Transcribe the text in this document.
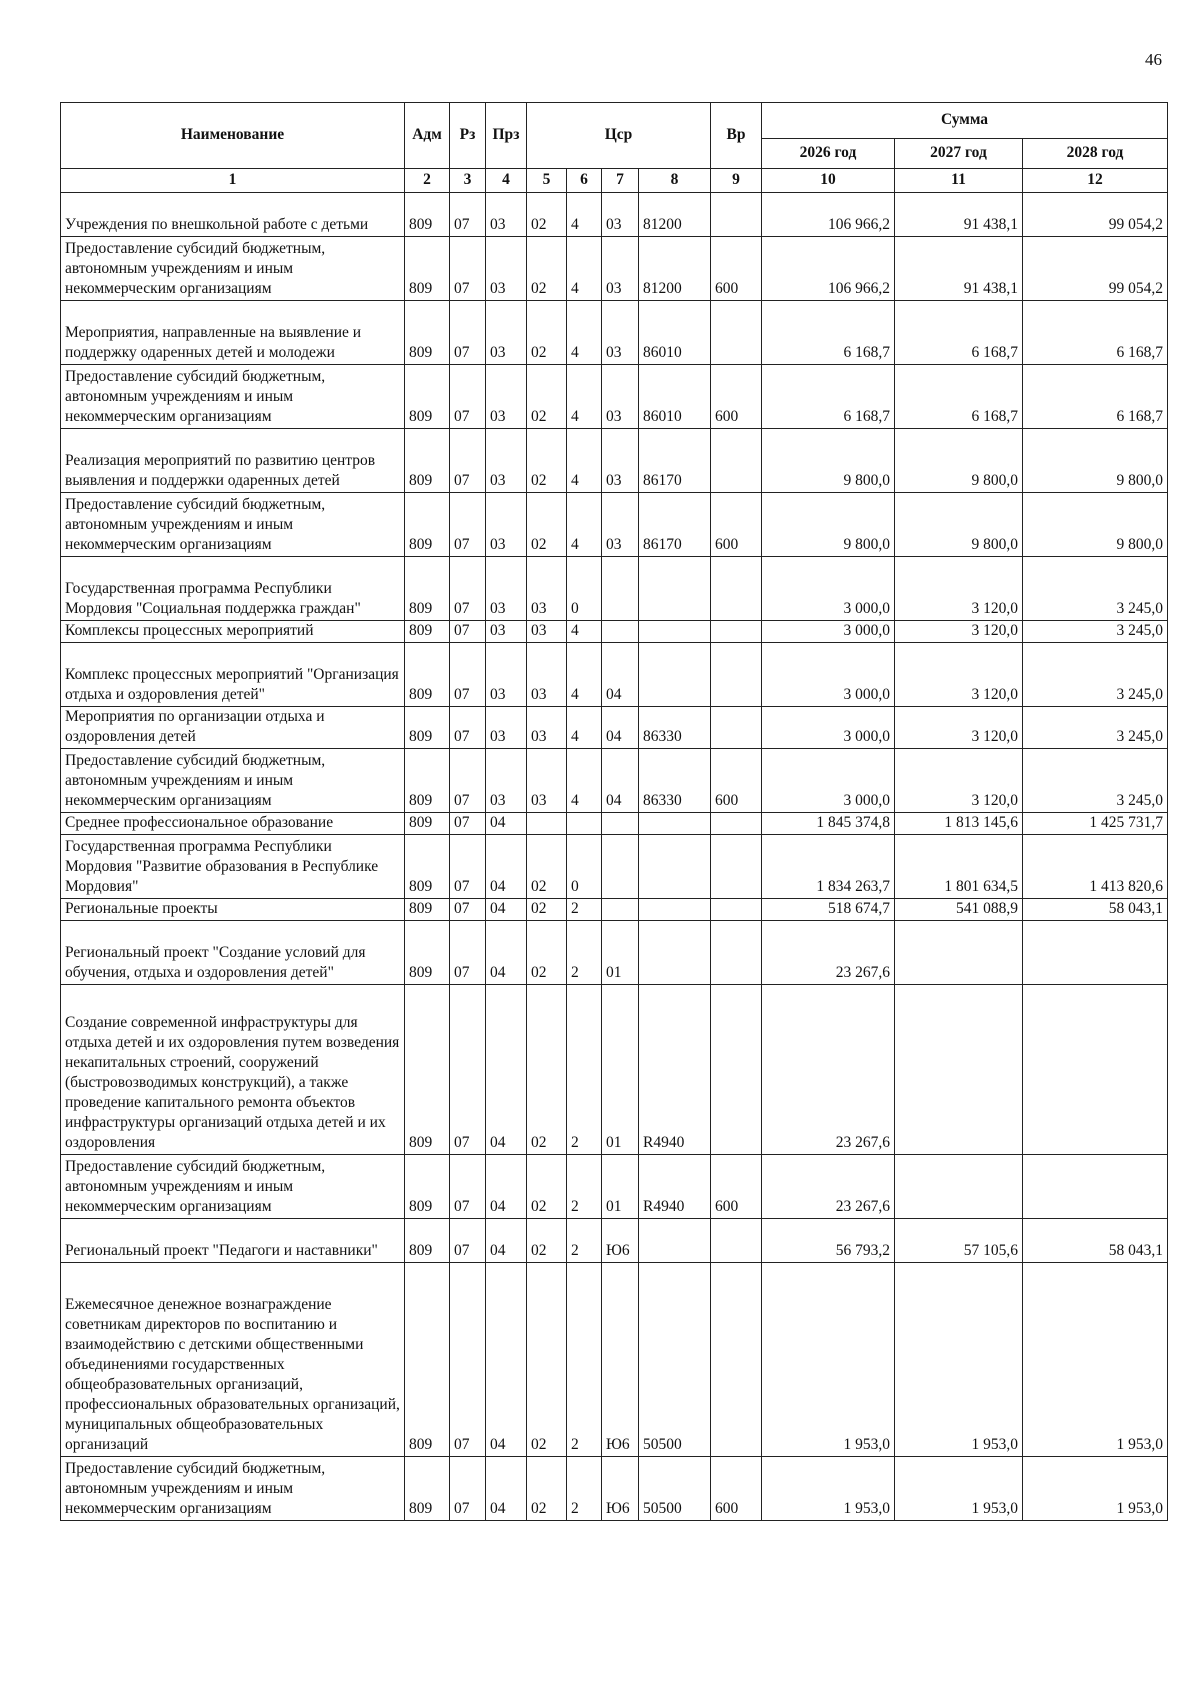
46
Наименование	Адм	Рз	Прз	Цср				Вр	Сумма		
									2026 год	2027 год	2028 год
1	2	3	4	5	6	7	8	9	10	11	12
Учреждения по внешкольной работе с детьми	809	07	03	02	4	03	81200		106 966,2	91 438,1	99 054,2
Предоставление субсидий бюджетным, автономным учреждениям и иным некоммерческим организациям	809	07	03	02	4	03	81200	600	106 966,2	91 438,1	99 054,2
Мероприятия, направленные на выявление и поддержку одаренных детей и молодежи	809	07	03	02	4	03	86010		6 168,7	6 168,7	6 168,7
Предоставление субсидий бюджетным, автономным учреждениям и иным некоммерческим организациям	809	07	03	02	4	03	86010	600	6 168,7	6 168,7	6 168,7
Реализация мероприятий по развитию центров выявления и поддержки одаренных детей	809	07	03	02	4	03	86170		9 800,0	9 800,0	9 800,0
Предоставление субсидий бюджетным, автономным учреждениям и иным некоммерческим организациям	809	07	03	02	4	03	86170	600	9 800,0	9 800,0	9 800,0
Государственная программа Республики Мордовия "Социальная поддержка граждан"	809	07	03	03	0				3 000,0	3 120,0	3 245,0
Комплексы процессных мероприятий	809	07	03	03	4				3 000,0	3 120,0	3 245,0
Комплекс процессных мероприятий "Организация отдыха и оздоровления детей"	809	07	03	03	4	04			3 000,0	3 120,0	3 245,0
Мероприятия по организации отдыха и оздоровления детей	809	07	03	03	4	04	86330		3 000,0	3 120,0	3 245,0
Предоставление субсидий бюджетным, автономным учреждениям и иным некоммерческим организациям	809	07	03	03	4	04	86330	600	3 000,0	3 120,0	3 245,0
Среднее профессиональное образование	809	07	04						1 845 374,8	1 813 145,6	1 425 731,7
Государственная программа Республики Мордовия "Развитие образования в Республике Мордовия"	809	07	04	02	0				1 834 263,7	1 801 634,5	1 413 820,6
Региональные проекты	809	07	04	02	2				518 674,7	541 088,9	58 043,1
Региональный проект "Создание условий для обучения, отдыха и оздоровления детей"	809	07	04	02	2	01			23 267,6		
Создание современной инфраструктуры для отдыха детей и их оздоровления путем возведения некапитальных строений, сооружений (быстровозводимых конструкций), а также проведение капитального ремонта объектов инфраструктуры организаций отдыха детей и их оздоровления	809	07	04	02	2	01	R4940		23 267,6		
Предоставление субсидий бюджетным, автономным учреждениям и иным некоммерческим организациям	809	07	04	02	2	01	R4940	600	23 267,6		
Региональный проект "Педагоги и наставники"	809	07	04	02	2	Ю6			56 793,2	57 105,6	58 043,1
Ежемесячное денежное вознаграждение советникам директоров по воспитанию и взаимодействию с детскими общественными объединениями государственных общеобразовательных организаций, профессиональных образовательных организаций, муниципальных общеобразовательных организаций	809	07	04	02	2	Ю6	50500		1 953,0	1 953,0	1 953,0
Предоставление субсидий бюджетным, автономным учреждениям и иным некоммерческим организациям	809	07	04	02	2	Ю6	50500	600	1 953,0	1 953,0	1 953,0
